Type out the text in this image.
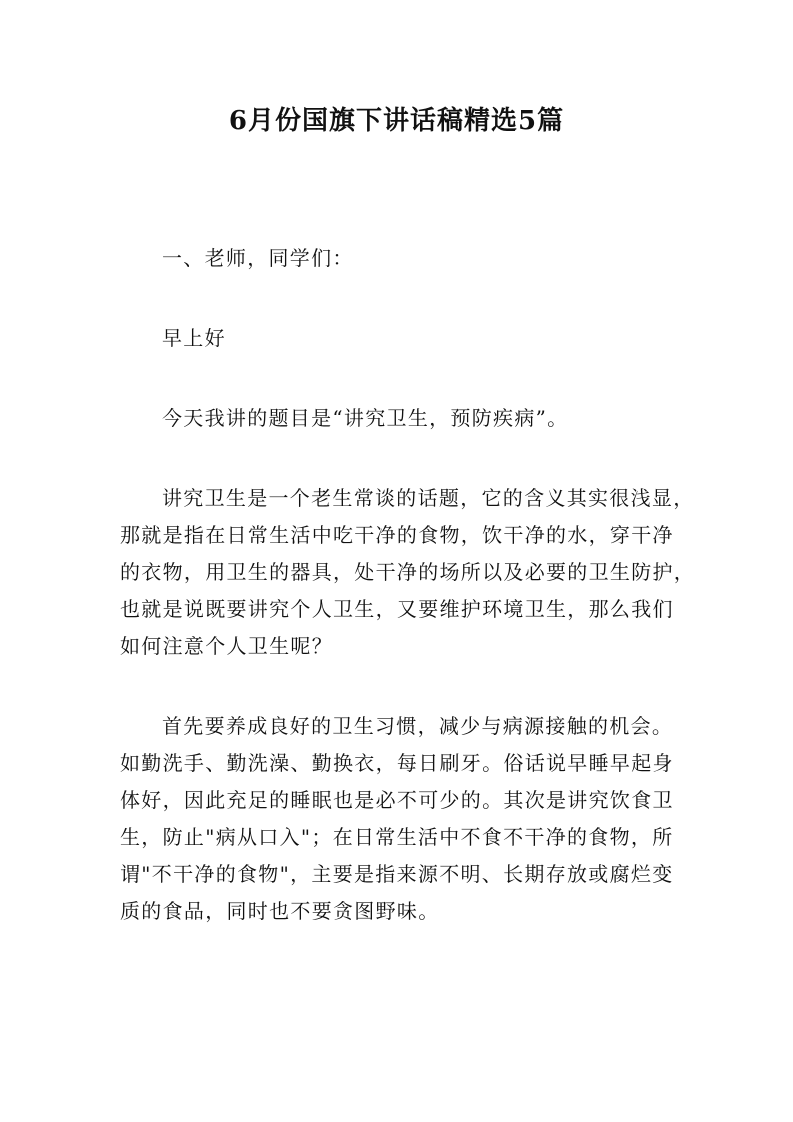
6月份国旗下讲话稿精选5篇
一、老师，同学们：
早上好
今天我讲的题目是“讲究卫生，预防疾病”。
讲究卫生是一个老生常谈的话题，它的含义其实很浅显，
那就是指在日常生活中吃干净的食物，饮干净的水，穿干净
的衣物，用卫生的器具，处干净的场所以及必要的卫生防护，
也就是说既要讲究个人卫生，又要维护环境卫生，那么我们
如何注意个人卫生呢？
首先要养成良好的卫生习惯，减少与病源接触的机会。
如勤洗手、勤洗澡、勤换衣，每日刷牙。俗话说早睡早起身
体好，因此充足的睡眠也是必不可少的。其次是讲究饮食卫
生，防止"病从口入"；在日常生活中不食不干净的食物，所
谓"不干净的食物"，主要是指来源不明、长期存放或腐烂变
质的食品，同时也不要贪图野味。
